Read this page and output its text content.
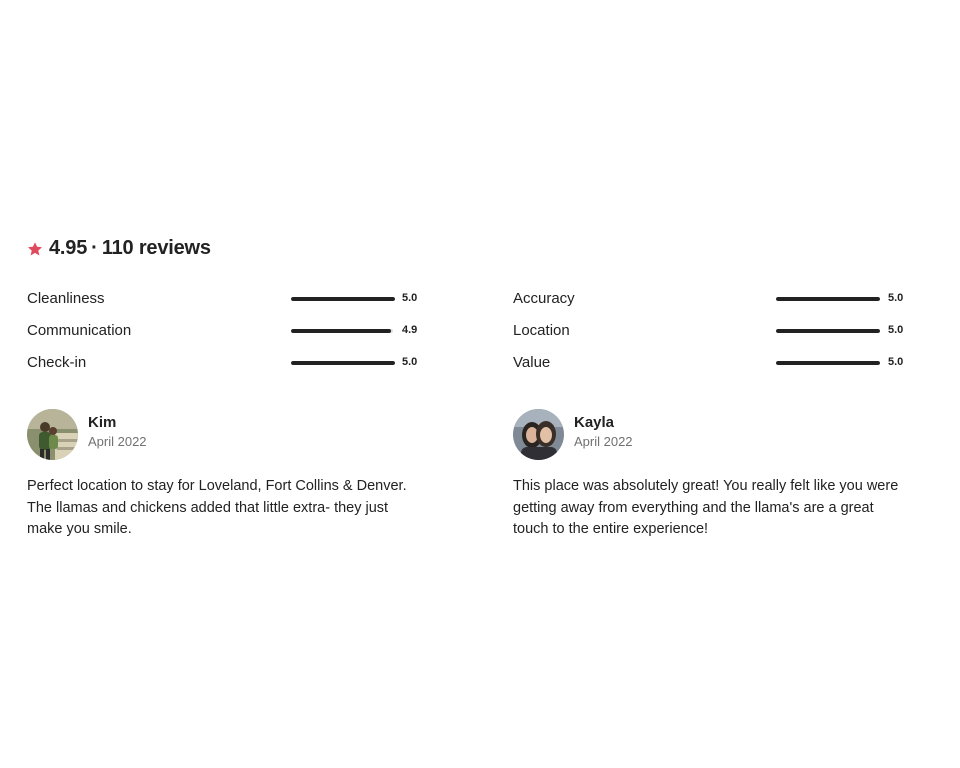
4.95 · 110 reviews
Cleanliness	5.0
Communication	4.9
Check-in	5.0
Accuracy	5.0
Location	5.0
Value	5.0
Kim
April 2022

Perfect location to stay for Loveland, Fort Collins & Denver. The llamas and chickens added that little extra- they just make you smile.

Kayla
April 2022

This place was absolutely great! You really felt like you were getting away from everything and the llama's are a great touch to the entire experience!
